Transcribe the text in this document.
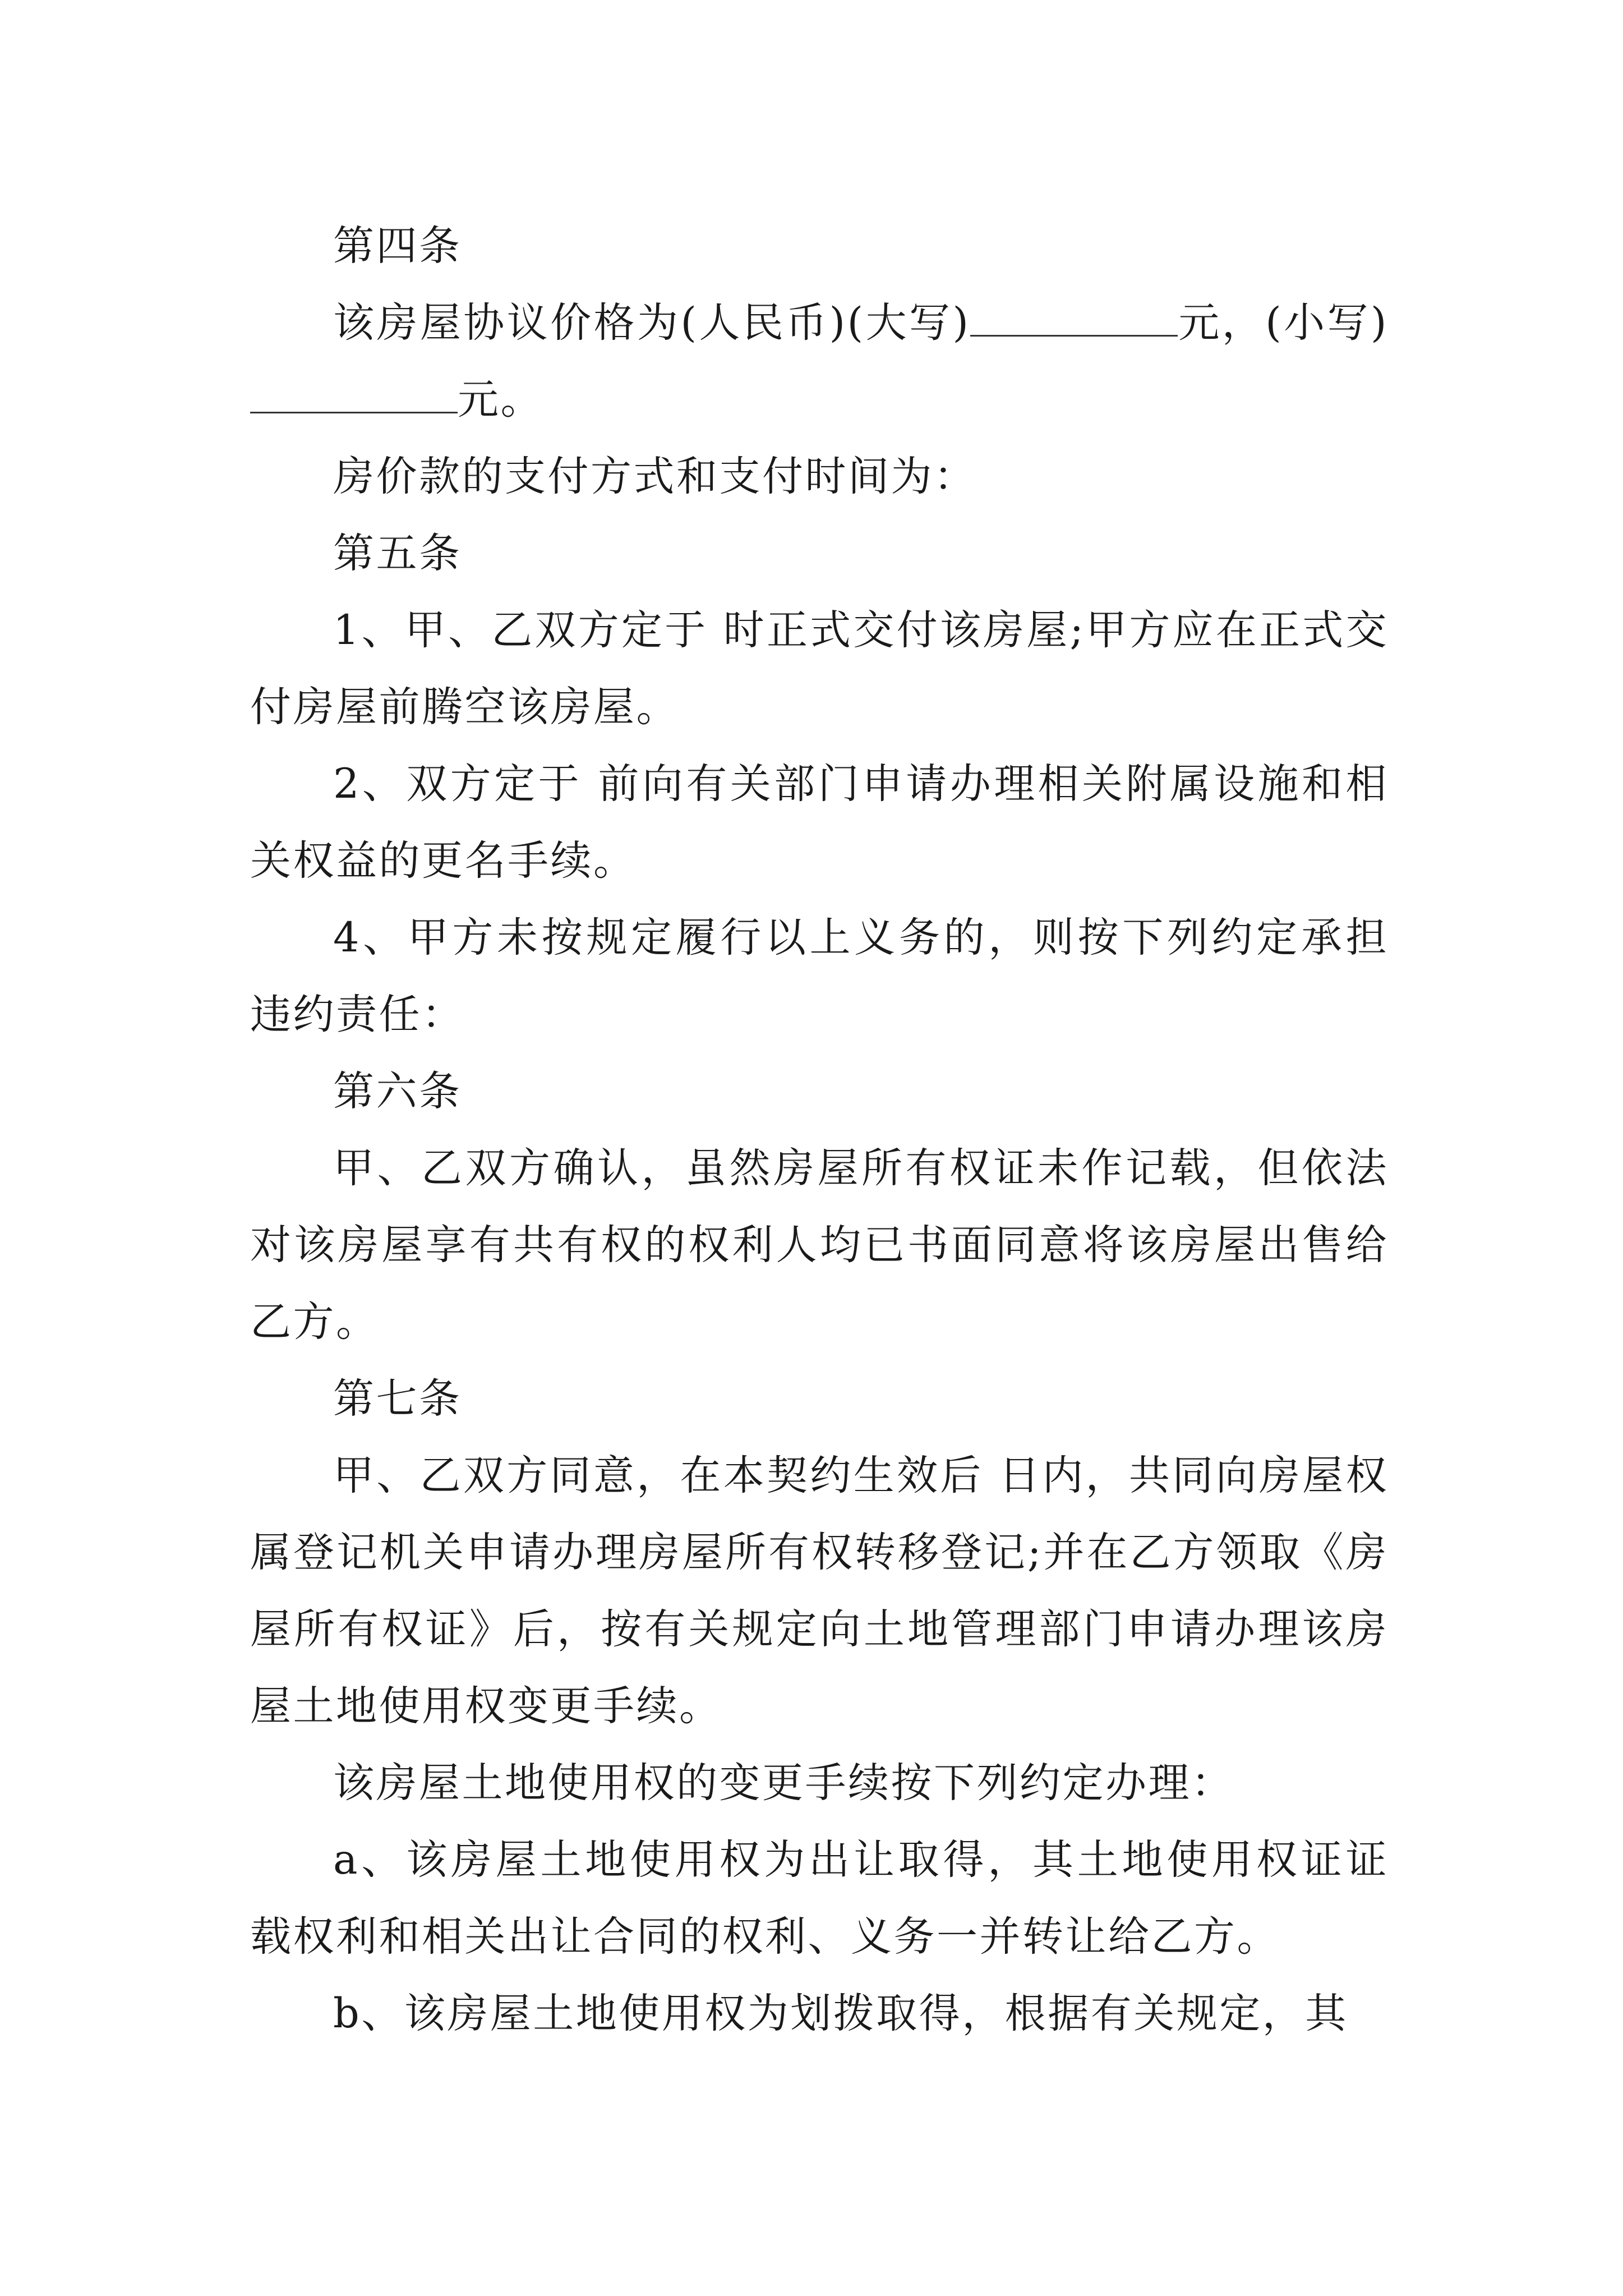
第四条

该房屋协议价格为(人民币)(大写)	元，(小写)元。

房价款的支付方式和支付时间为：

第五条

1、甲、乙双方定于 时正式交付该房屋;甲方应在正式交付房屋前腾空该房屋。

2、双方定于 前向有关部门申请办理相关附属设施和相关权益的更名手续。

4、甲方未按规定履行以上义务的，则按下列约定承担违约责任：

第六条

甲、乙双方确认，虽然房屋所有权证未作记载，但依法对该房屋享有共有权的权利人均已书面同意将该房屋出售给乙方。

第七条

甲、乙双方同意，在本契约生效后 日内，共同向房屋权属登记机关申请办理房屋所有权转移登记;并在乙方领取《房屋所有权证》后，按有关规定向土地管理部门申请办理该房屋土地使用权变更手续。

该房屋土地使用权的变更手续按下列约定办理：

a、该房屋土地使用权为出让取得，其土地使用权证证载权利和相关出让合同的权利、义务一并转让给乙方。

b、该房屋土地使用权为划拨取得，根据有关规定，其
